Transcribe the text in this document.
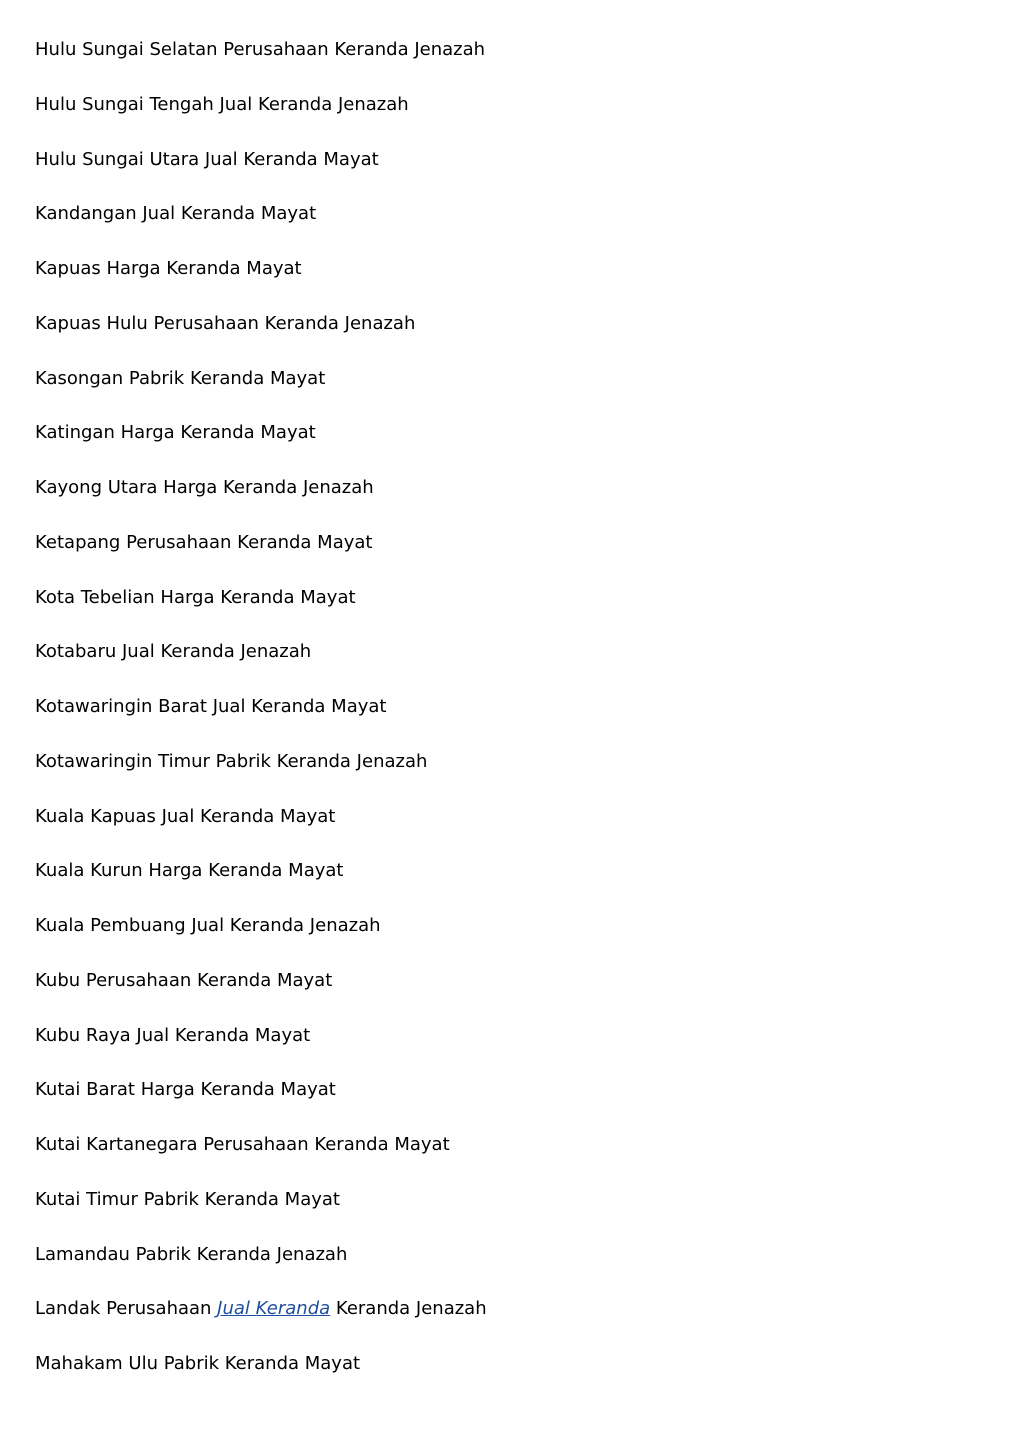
Hulu Sungai Selatan Perusahaan Keranda Jenazah
Hulu Sungai Tengah Jual Keranda Jenazah
Hulu Sungai Utara Jual Keranda Mayat
Kandangan Jual Keranda Mayat
Kapuas Harga Keranda Mayat
Kapuas Hulu Perusahaan Keranda Jenazah
Kasongan Pabrik Keranda Mayat
Katingan Harga Keranda Mayat
Kayong Utara Harga Keranda Jenazah
Ketapang Perusahaan Keranda Mayat
Kota Tebelian Harga Keranda Mayat
Kotabaru Jual Keranda Jenazah
Kotawaringin Barat Jual Keranda Mayat
Kotawaringin Timur Pabrik Keranda Jenazah
Kuala Kapuas Jual Keranda Mayat
Kuala Kurun Harga Keranda Mayat
Kuala Pembuang Jual Keranda Jenazah
Kubu Perusahaan Keranda Mayat
Kubu Raya Jual Keranda Mayat
Kutai Barat Harga Keranda Mayat
Kutai Kartanegara Perusahaan Keranda Mayat
Kutai Timur Pabrik Keranda Mayat
Lamandau Pabrik Keranda Jenazah
Landak Perusahaan Jual Keranda Keranda Jenazah
Mahakam Ulu Pabrik Keranda Mayat
